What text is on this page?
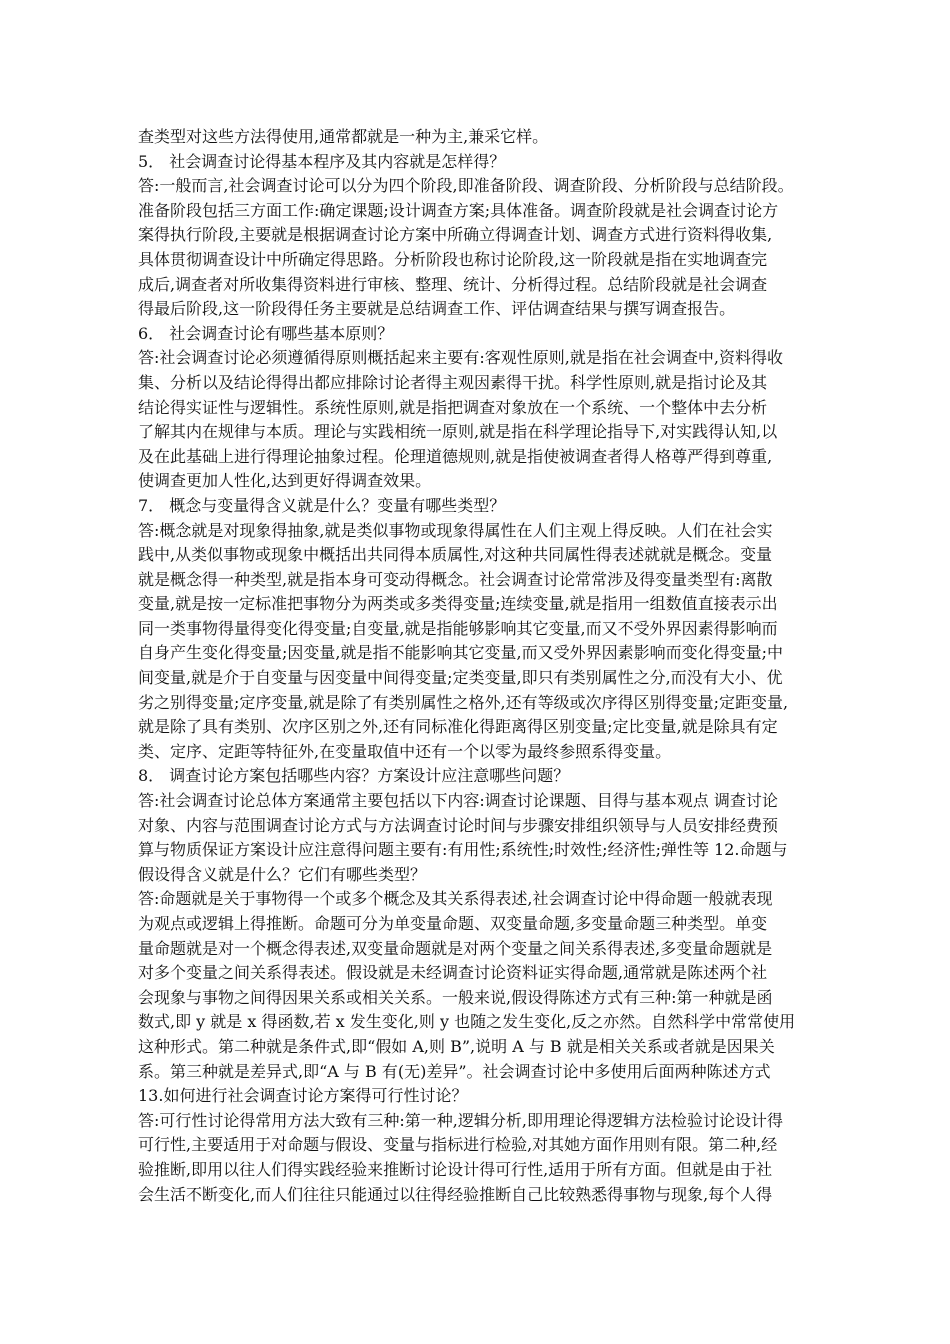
查类型对这些方法得使用,通常都就是一种为主,兼采它样。
5． 社会调查讨论得基本程序及其内容就是怎样得？
答:一般而言,社会调查讨论可以分为四个阶段,即准备阶段、调查阶段、分析阶段与总结阶段。
准备阶段包括三方面工作:确定课题;设计调查方案;具体准备。调查阶段就是社会调查讨论方
案得执行阶段,主要就是根据调查讨论方案中所确立得调查计划、调查方式进行资料得收集,
具体贯彻调查设计中所确定得思路。分析阶段也称讨论阶段,这一阶段就是指在实地调查完
成后,调查者对所收集得资料进行审核、整理、统计、分析得过程。总结阶段就是社会调查
得最后阶段,这一阶段得任务主要就是总结调查工作、评估调查结果与撰写调查报告。
6． 社会调查讨论有哪些基本原则？
答:社会调查讨论必须遵循得原则概括起来主要有:客观性原则,就是指在社会调查中,资料得收
集、分析以及结论得得出都应排除讨论者得主观因素得干扰。科学性原则,就是指讨论及其
结论得实证性与逻辑性。系统性原则,就是指把调查对象放在一个系统、一个整体中去分析
了解其内在规律与本质。理论与实践相统一原则,就是指在科学理论指导下,对实践得认知,以
及在此基础上进行得理论抽象过程。伦理道德规则,就是指使被调查者得人格尊严得到尊重,
使调查更加人性化,达到更好得调查效果。
7． 概念与变量得含义就是什么？变量有哪些类型？
答:概念就是对现象得抽象,就是类似事物或现象得属性在人们主观上得反映。人们在社会实
践中,从类似事物或现象中概括出共同得本质属性,对这种共同属性得表述就就是概念。变量
就是概念得一种类型,就是指本身可变动得概念。社会调查讨论常常涉及得变量类型有:离散
变量,就是按一定标准把事物分为两类或多类得变量;连续变量,就是指用一组数值直接表示出
同一类事物得量得变化得变量;自变量,就是指能够影响其它变量,而又不受外界因素得影响而
自身产生变化得变量;因变量,就是指不能影响其它变量,而又受外界因素影响而变化得变量;中
间变量,就是介于自变量与因变量中间得变量;定类变量,即只有类别属性之分,而没有大小、优
劣之别得变量;定序变量,就是除了有类别属性之格外,还有等级或次序得区别得变量;定距变量,
就是除了具有类别、次序区别之外,还有同标准化得距离得区别变量;定比变量,就是除具有定
类、定序、定距等特征外,在变量取值中还有一个以零为最终参照系得变量。
8． 调查讨论方案包括哪些内容？方案设计应注意哪些问题？
答:社会调查讨论总体方案通常主要包括以下内容:调查讨论课题、目得与基本观点 调查讨论
对象、内容与范围调查讨论方式与方法调查讨论时间与步骤安排组织领导与人员安排经费预
算与物质保证方案设计应注意得问题主要有:有用性;系统性;时效性;经济性;弹性等 12.命题与
假设得含义就是什么？它们有哪些类型？
答:命题就是关于事物得一个或多个概念及其关系得表述,社会调查讨论中得命题一般就表现
为观点或逻辑上得推断。命题可分为单变量命题、双变量命题,多变量命题三种类型。单变
量命题就是对一个概念得表述,双变量命题就是对两个变量之间关系得表述,多变量命题就是
对多个变量之间关系得表述。假设就是未经调查讨论资料证实得命题,通常就是陈述两个社
会现象与事物之间得因果关系或相关关系。一般来说,假设得陈述方式有三种:第一种就是函
数式,即 y 就是 x 得函数,若 x 发生变化,则 y 也随之发生变化,反之亦然。自然科学中常常使用
这种形式。第二种就是条件式,即“假如 A,则 B”,说明 A 与 B 就是相关关系或者就是因果关
系。第三种就是差异式,即“A 与 B 有(无)差异”。社会调查讨论中多使用后面两种陈述方式
13.如何进行社会调查讨论方案得可行性讨论？
答:可行性讨论得常用方法大致有三种:第一种,逻辑分析,即用理论得逻辑方法检验讨论设计得
可行性,主要适用于对命题与假设、变量与指标进行检验,对其她方面作用则有限。第二种,经
验推断,即用以往人们得实践经验来推断讨论设计得可行性,适用于所有方面。但就是由于社
会生活不断变化,而人们往往只能通过以往得经验推断自己比较熟悉得事物与现象,每个人得
